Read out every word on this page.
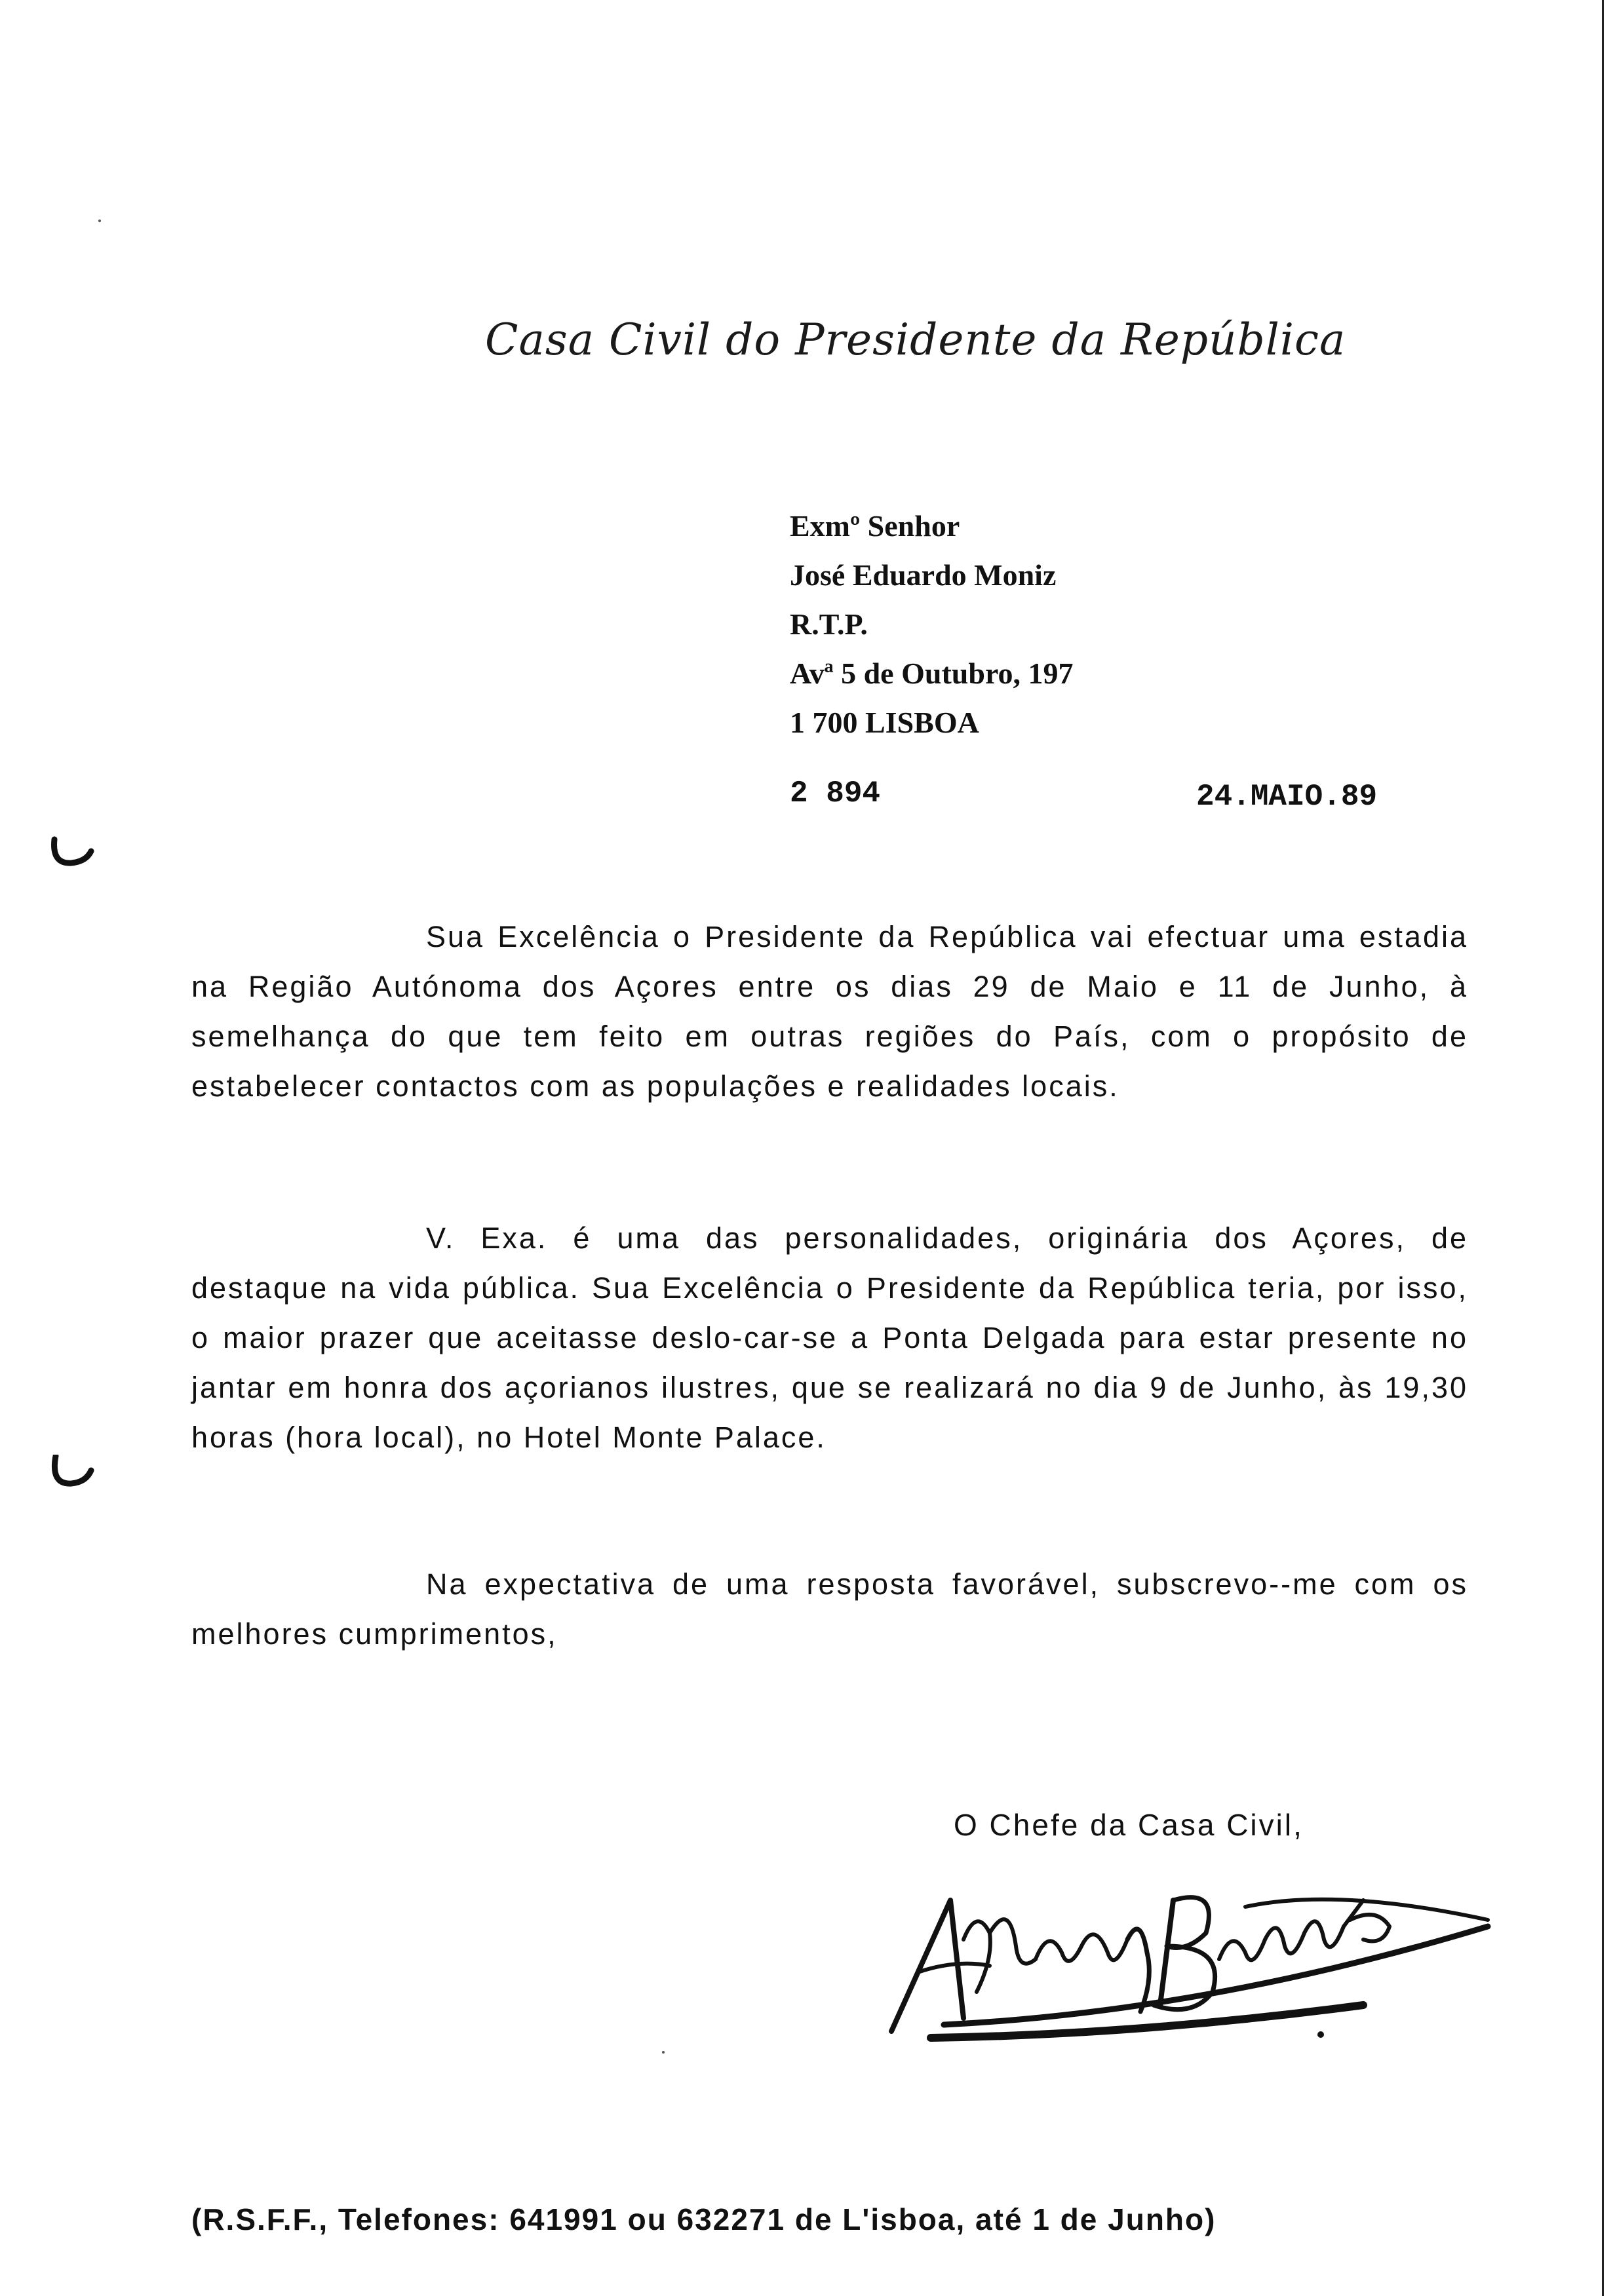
Casa Civil do Presidente da República
Exmº Senhor
José Eduardo Moniz
R.T.P.
Avª 5 de Outubro, 197
1 700 LISBOA
2 894	24.MAIO.89
Sua Excelência o Presidente da República vai efectuar uma estadia na Região Autónoma dos Açores entre os dias 29 de Maio e 11 de Junho, à semelhança do que tem feito em outras regiões do País, com o propósito de estabelecer contactos com as populações e realidades locais.
V. Exa. é uma das personalidades, originária dos Açores, de destaque na vida pública. Sua Excelência o Presidente da República teria, por isso, o maior prazer que aceitasse deslo-car-se a Ponta Delgada para estar presente no jantar em honra dos açorianos ilustres, que se realizará no dia 9 de Junho, às 19,30 horas (hora local), no Hotel Monte Palace.
Na expectativa de uma resposta favorável, subscrevo--me com os melhores cumprimentos,
O Chefe da Casa Civil,
(R.S.F.F., Telefones: 641991 ou 632271 de L'isboa, até 1 de Junho)
